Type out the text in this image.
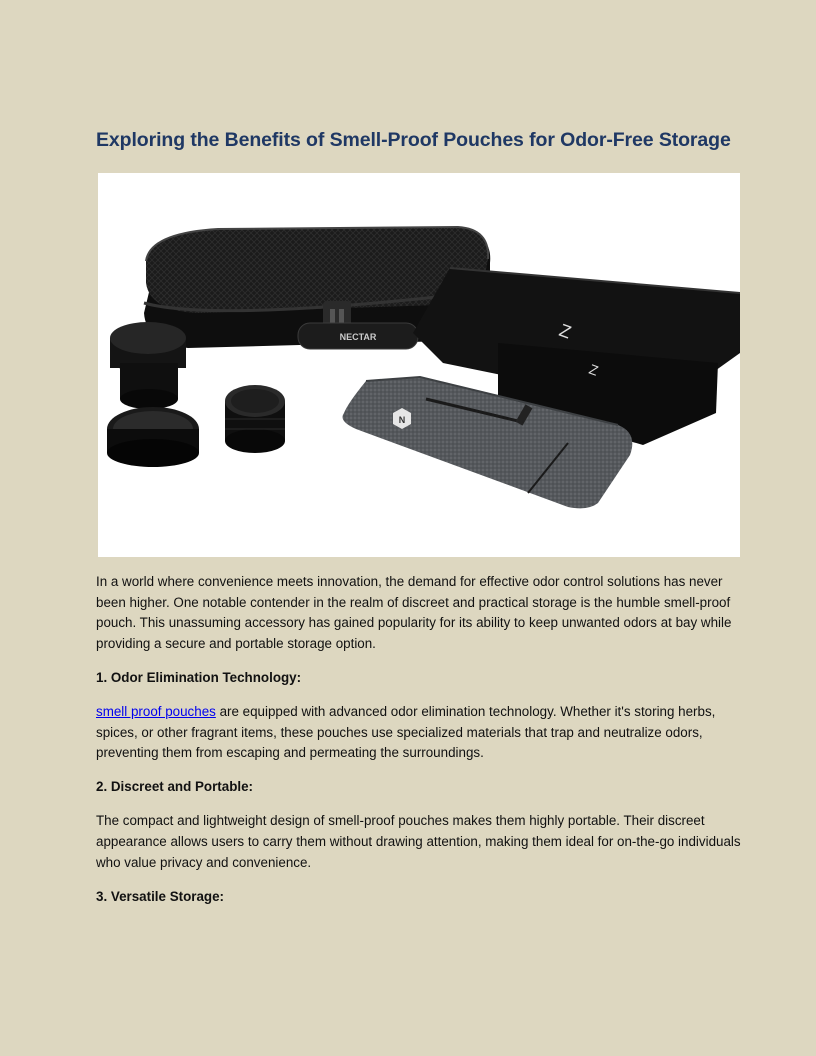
Exploring the Benefits of Smell-Proof Pouches for Odor-Free Storage
NECTAR	Z
Z
N

In a world where convenience meets innovation, the demand for effective odor control solutions has never been higher. One notable contender in the realm of discreet and practical storage is the humble smell-proof pouch. This unassuming accessory has gained popularity for its ability to keep unwanted odors at bay while providing a secure and portable storage option.

1. Odor Elimination Technology:

smell proof pouches are equipped with advanced odor elimination technology. Whether it's storing herbs, spices, or other fragrant items, these pouches use specialized materials that trap and neutralize odors, preventing them from escaping and permeating the surroundings.

2. Discreet and Portable:

The compact and lightweight design of smell-proof pouches makes them highly portable. Their discreet appearance allows users to carry them without drawing attention, making them ideal for on-the-go individuals who value privacy and convenience.

3. Versatile Storage:
